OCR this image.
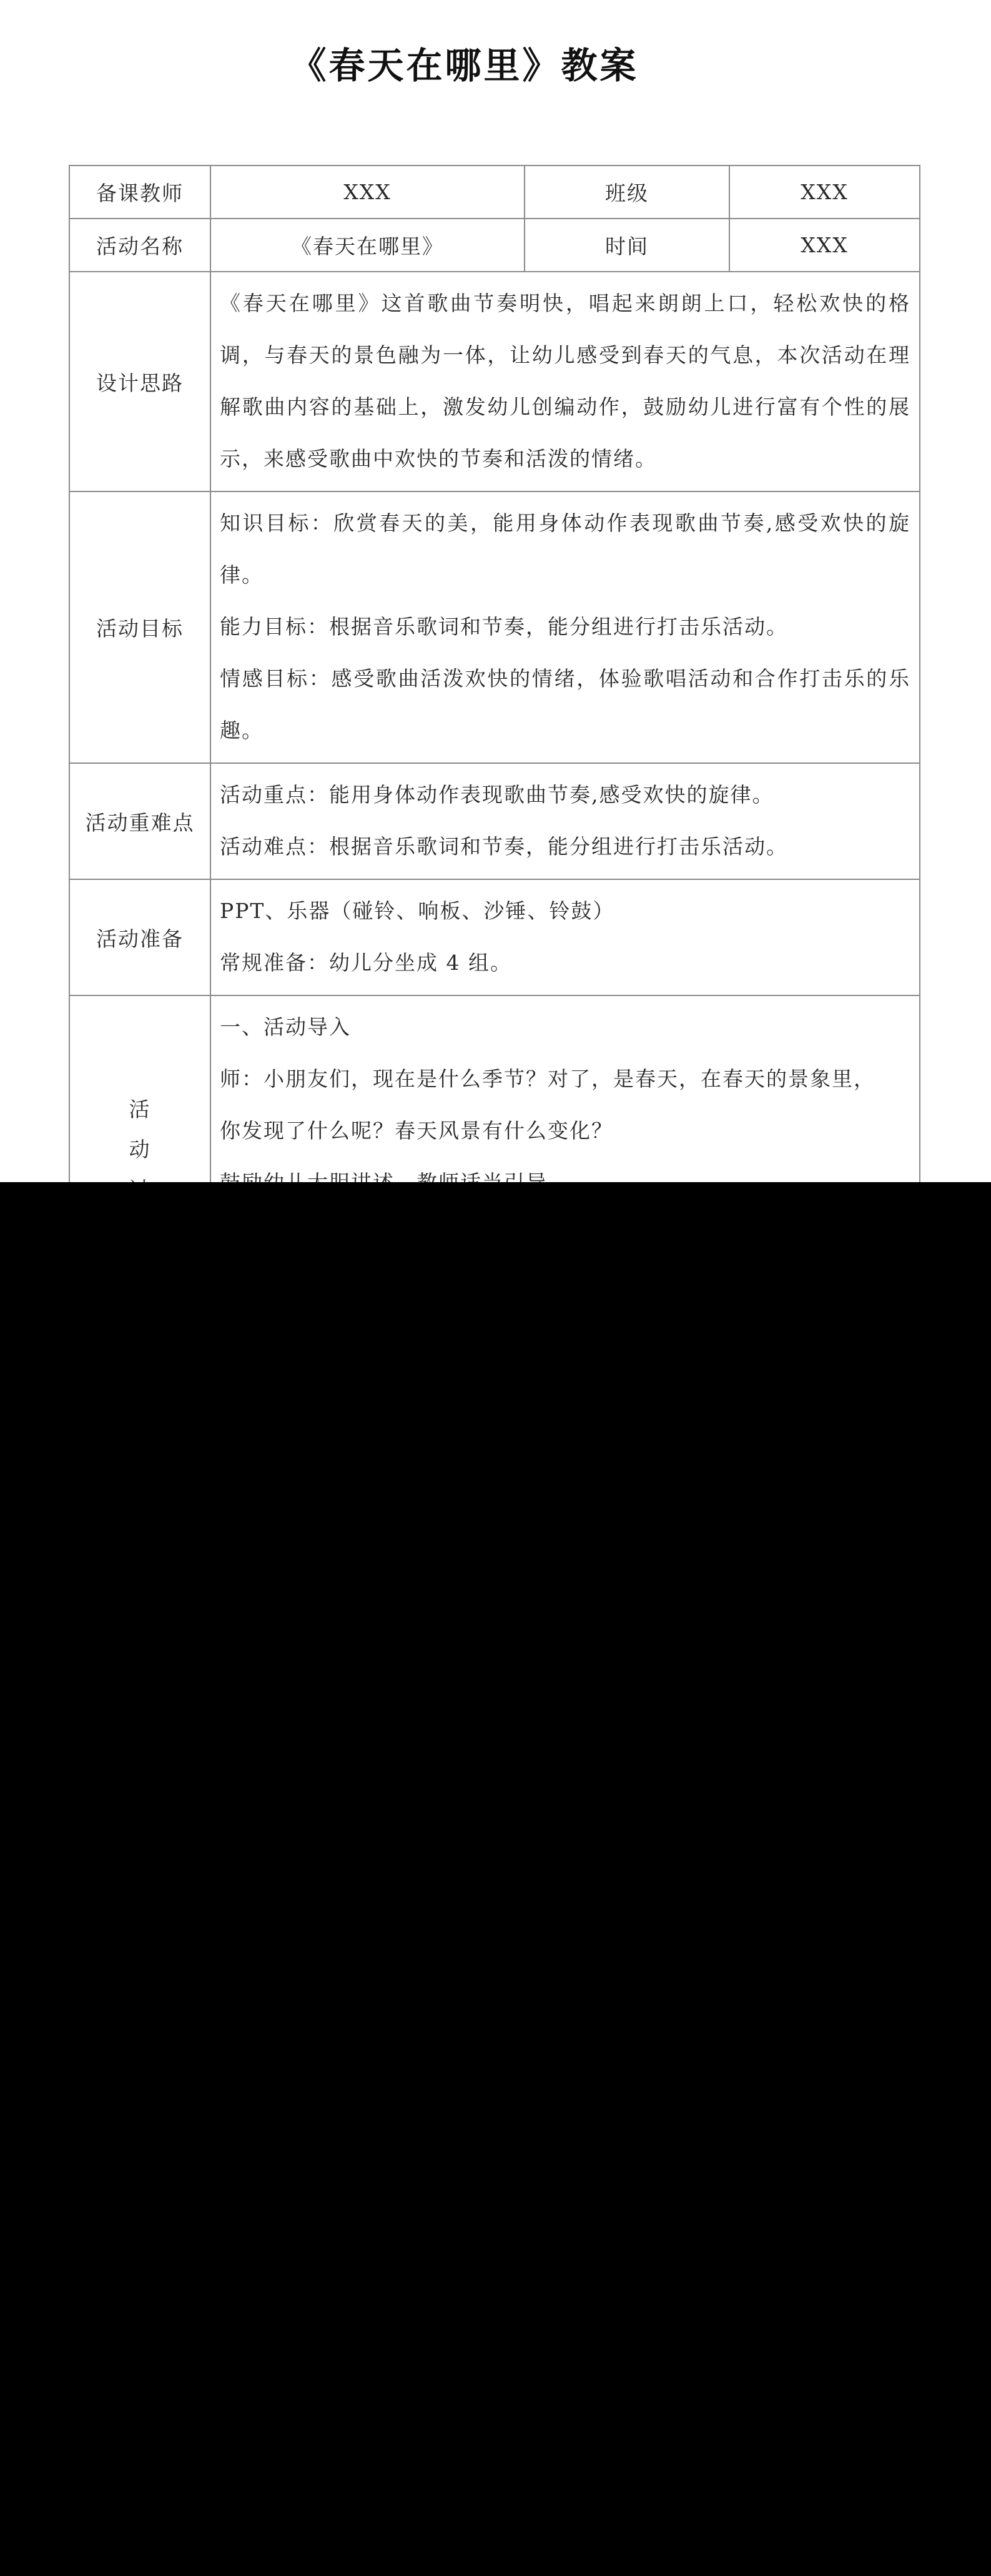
《春天在哪里》教案
备课教师	XXX	班级	XXX
活动名称	《春天在哪里》	时间	XXX
设计思路	《春天在哪里》这首歌曲节奏明快，唱起来朗朗上口，轻松欢快的格调，与春天的景色融为一体，让幼儿感受到春天的气息，本次活动在理解歌曲内容的基础上，激发幼儿创编动作，鼓励幼儿进行富有个性的展示，来感受歌曲中欢快的节奏和活泼的情绪。		

活动目标	知识目标：欣赏春天的美，能用身体动作表现歌曲节奏,感受欢快的旋律。

能力目标：根据音乐歌词和节奏，能分组进行打击乐活动。

情感目标：感受歌曲活泼欢快的情绪，体验歌唱活动和合作打击乐的乐趣。		

活动重难点	活动重点：能用身体动作表现歌曲节奏,感受欢快的旋律。

活动难点：根据音乐歌词和节奏，能分组进行打击乐活动。		

活动准备	PPT、乐器（碰铃、响板、沙锤、铃鼓）

常规准备：幼儿分坐成 4 组。		

活动	一、活动导入

师：小朋友们，现在是什么季节？对了，是春天，在春天的景象里，

你发现了什么呢？春天风景有什么变化？		
